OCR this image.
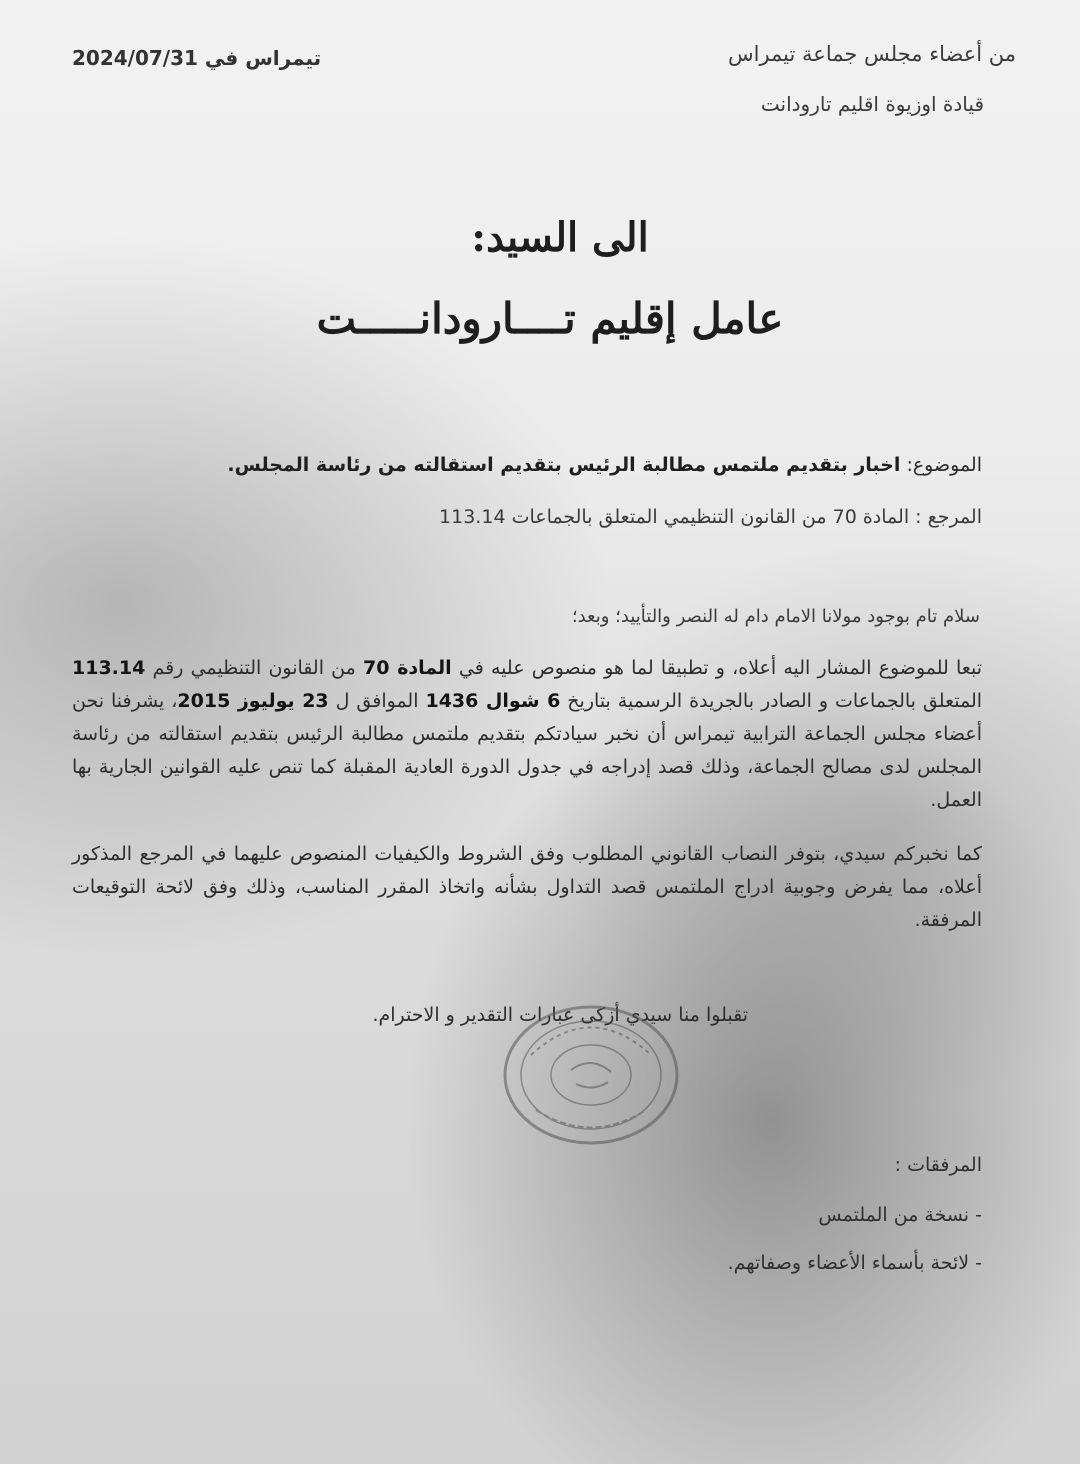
من أعضاء مجلس جماعة تيمراس
قيادة اوزيوة اقليم تارودانت
تيمراس في 2024/07/31
الى السيد:
عامل إقليم تــــارودانـــــت
الموضوع: اخبار بتقديم ملتمس مطالبة الرئيس بتقديم استقالته من رئاسة المجلس.
المرجع : المادة 70 من القانون التنظيمي المتعلق بالجماعات 113.14
سلام تام بوجود مولانا الامام دام له النصر والتأييد؛ وبعد؛
تبعا للموضوع المشار اليه أعلاه، و تطبيقا لما هو منصوص عليه في المادة 70 من القانون التنظيمي رقم 113.14 المتعلق بالجماعات و الصادر بالجريدة الرسمية بتاريخ 6 شوال 1436 الموافق ل 23 يوليوز 2015، يشرفنا نحن أعضاء مجلس الجماعة الترابية تيمراس أن نخبر سيادتكم بتقديم ملتمس مطالبة الرئيس بتقديم استقالته من رئاسة المجلس لدى مصالح الجماعة، وذلك قصد إدراجه في جدول الدورة العادية المقبلة كما تنص عليه القوانين الجارية بها العمل.
كما نخبركم سيدي، بتوفر النصاب القانوني المطلوب وفق الشروط والكيفيات المنصوص عليهما في المرجع المذكور أعلاه، مما يفرض وجوبية ادراج الملتمس قصد التداول بشأنه واتخاذ المقرر المناسب، وذلك وفق لائحة التوقيعات المرفقة.
تقبلوا منا سيدي أزكى عبارات التقدير و الاحترام.
المرفقات :
- نسخة من الملتمس
- لائحة بأسماء الأعضاء وصفاتهم.
